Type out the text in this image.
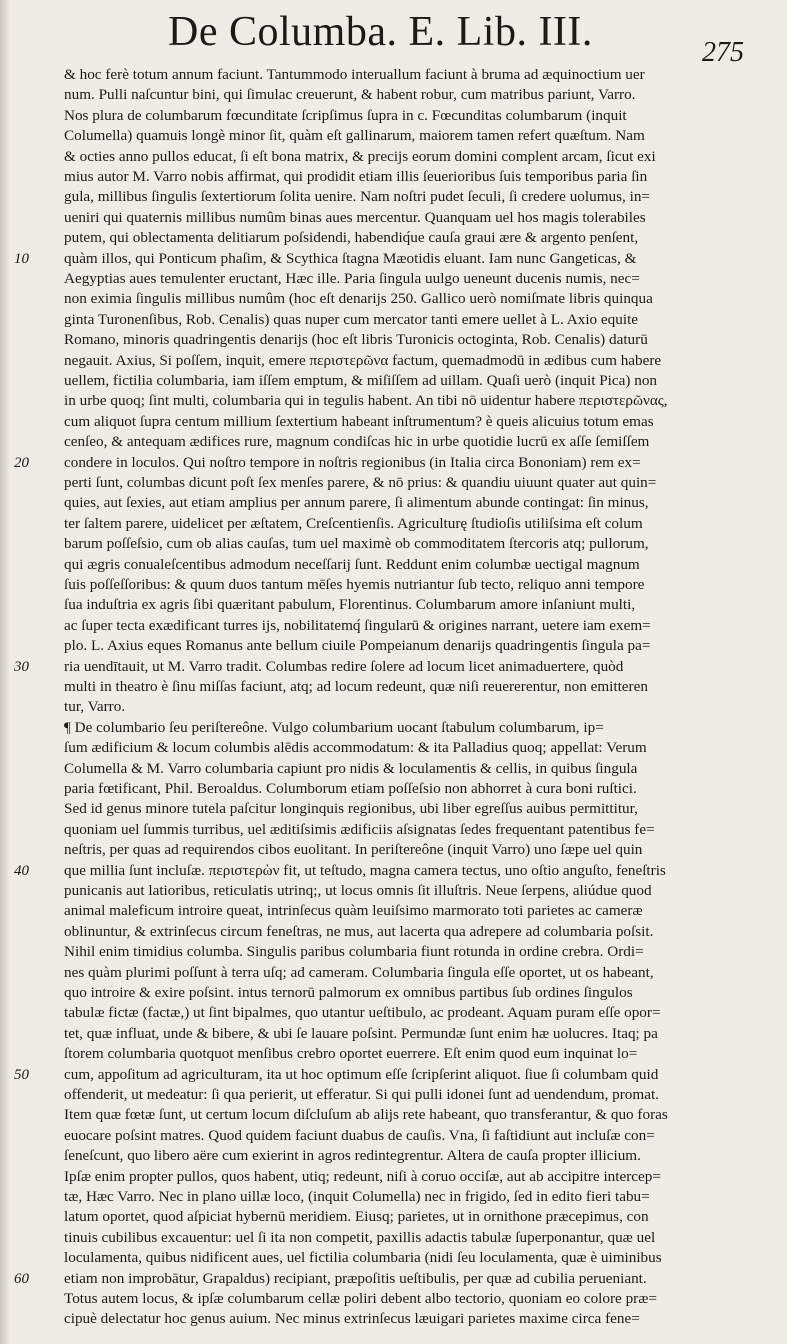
De Columba. E. Lib. III.	275
& hoc ferè totum annum faciunt. Tantummodo interuallum faciunt à bruma ad æquinoctium uer
num. Pulli naſcuntur bini, qui ſimulac creuerunt, & habent robur, cum matribus pariunt, Varro.
Nos plura de columbarum fœcunditate ſcripſimus ſupra in c. Fœcunditas columbarum (inquit
Columella) quamuis longè minor ſit, quàm eſt gallinarum, maiorem tamen refert quæſtum. Nam
& octies anno pullos educat, ſi eſt bona matrix, & precijs eorum domini complent arcam, ſicut exi
mius autor M. Varro nobis affirmat, qui prodidit etiam illis ſeuerioribus ſuis temporibus paria ſin
gula, millibus ſingulis ſextertiorum ſolita uenire. Nam noſtri pudet ſeculi, ſi credere uolumus, in=
ueniri qui quaternis millibus numûm binas aues mercentur. Quanquam uel hos magis tolerabiles
putem, qui oblectamenta delitiarum poſsidendi, habendiq́ue cauſa graui ære & argento penſent,
quàm illos, qui Ponticum phaſim, & Scythica ſtagna Mæotidis eluant. Iam nunc Gangeticas, &
Aegyptias aues temulenter eructant, Hæc ille. Paria ſingula uulgo ueneunt ducenis numis, nec=
non eximia ſingulis millibus numûm (hoc eſt denarijs 250. Gallico uerò nomiſmate libris quinqua
ginta Turonenſibus, Rob. Cenalis) quas nuper cum mercator tanti emere uellet à L. Axio equite
Romano, minoris quadringentis denarijs (hoc eſt libris Turonicis octoginta, Rob. Cenalis) daturū
negauit. Axius, Si poſſem, inquit, emere περιστερῶνα factum, quemadmodū in ædibus cum habere
uellem, fictilia columbaria, iam iſſem emptum, & miſiſſem ad uillam. Quaſi uerò (inquit Pica) non
in urbe quoq; ſint multi, columbaria qui in tegulis habent. An tibi nō uidentur habere περιστερῶνας,
cum aliquot ſupra centum millium ſextertium habeant inſtrumentum? è queis alicuius totum emas
cenſeo, & antequam ædifices rure, magnum condiſcas hic in urbe quotidie lucrū ex aſſe ſemiſſem
condere in loculos. Qui noſtro tempore in noſtris regionibus (in Italia circa Bononiam) rem ex=
perti ſunt, columbas dicunt poſt ſex menſes parere, & nō prius: & quandiu uiuunt quater aut quin=
quies, aut ſexies, aut etiam amplius per annum parere, ſi alimentum abunde contingat: ſin minus,
ter ſaltem parere, uidelicet per æſtatem, Creſcentienſis. Agriculturę ſtudioſis utiliſsima eſt colum
barum poſſeſsio, cum ob alias cauſas, tum uel maximè ob commoditatem ſtercoris atq; pullorum,
qui ægris conualeſcentibus admodum neceſſarij ſunt. Reddunt enim columbæ uectigal magnum
ſuis poſſeſſoribus: & quum duos tantum mēſes hyemis nutriantur ſub tecto, reliquo anni tempore
ſua induſtria ex agris ſibi quæritant pabulum, Florentinus. Columbarum amore inſaniunt multi,
ac ſuper tecta exædificant turres ijs, nobilitatemq́ ſingularū & origines narrant, uetere iam exem=
plo. L. Axius eques Romanus ante bellum ciuile Pompeianum denarijs quadringentis ſingula pa=
ria uendītauit, ut M. Varro tradit. Columbas redire ſolere ad locum licet animaduertere, quòd
multi in theatro è ſinu miſſas faciunt, atq; ad locum redeunt, quæ niſi reuererentur, non emitteren
tur, Varro.
¶ De columbario ſeu periſtereône. Vulgo columbarium uocant ſtabulum columbarum, ip=
ſum ædificium & locum columbis alēdis accommodatum: & ita Palladius quoq; appellat: Verum
Columella & M. Varro columbaria capiunt pro nidis & loculamentis & cellis, in quibus ſingula
paria fœtificant, Phil. Beroaldus. Columborum etiam poſſeſsio non abhorret à cura boni ruſtici.
Sed id genus minore tutela paſcitur longinquis regionibus, ubi liber egreſſus auibus permittitur,
quoniam uel ſummis turribus, uel æditiſsimis ædificiis aſsignatas ſedes frequentant patentibus fe=
neſtris, per quas ad requirendos cibos euolitant. In periſtereône (inquit Varro) uno ſæpe uel quin
que millia ſunt incluſæ. περιστερὼν fit, ut teſtudo, magna camera tectus, uno oſtio anguſto, feneſtris
punicanis aut latioribus, reticulatis utrinq;, ut locus omnis ſit illuſtris. Neue ſerpens, aliúdue quod
animal maleficum introire queat, intrinſecus quàm leuiſsimo marmorato toti parietes ac cameræ
oblinuntur, & extrinſecus circum feneſtras, ne mus, aut lacerta qua adrepere ad columbaria poſsit.
Nihil enim timidius columba. Singulis paribus columbaria fiunt rotunda in ordine crebra. Ordi=
nes quàm plurimi poſſunt à terra uſq; ad cameram. Columbaria ſingula eſſe oportet, ut os habeant,
quo introire & exire poſsint. intus ternorū palmorum ex omnibus partibus ſub ordines ſingulos
tabulæ fictæ (factæ,) ut ſint bipalmes, quo utantur ueſtibulo, ac prodeant. Aquam puram eſſe opor=
tet, quæ influat, unde & bibere, & ubi ſe lauare poſsint. Permundæ ſunt enim hæ uolucres. Itaq; pa
ſtorem columbaria quotquot menſibus crebro oportet euerrere. Eſt enim quod eum inquinat lo=
cum, appoſitum ad agriculturam, ita ut hoc optimum eſſe ſcripſerint aliquot. ſiue ſi columbam quid
offenderit, ut medeatur: ſi qua perierit, ut efferatur. Si qui pulli idonei ſunt ad uendendum, promat.
Item quæ fœtæ ſunt, ut certum locum diſcluſum ab alijs rete habeant, quo transferantur, & quo foras
euocare poſsint matres. Quod quidem faciunt duabus de cauſis. Vna, ſi faſtidiunt aut incluſæ con=
ſeneſcunt, quo libero aëre cum exierint in agros redintegrentur. Altera de cauſa propter illicium.
Ipſæ enim propter pullos, quos habent, utiq; redeunt, niſi à coruo occiſæ, aut ab accipitre intercep=
tæ, Hæc Varro. Nec in plano uillæ loco, (inquit Columella) nec in frigido, ſed in edito fieri tabu=
latum oportet, quod aſpiciat hybernū meridiem. Eiusq; parietes, ut in ornithone præcepimus, con
tinuis cubilibus excauentur: uel ſi ita non competit, paxillis adactis tabulæ ſuperponantur, quæ uel
loculamenta, quibus nidificent aues, uel fictilia columbaria (nidi ſeu loculamenta, quæ è uiminibus
etiam non improbātur, Grapaldus) recipiant, præpoſitis ueſtibulis, per quæ ad cubilia perueniant.
Totus autem locus, & ipſæ columbarum cellæ poliri debent albo tectorio, quoniam eo colore præ=
cipuè delectatur hoc genus auium. Nec minus extrinſecus læuigari parietes maxime circa fene=
10
20
30
40
50
60
